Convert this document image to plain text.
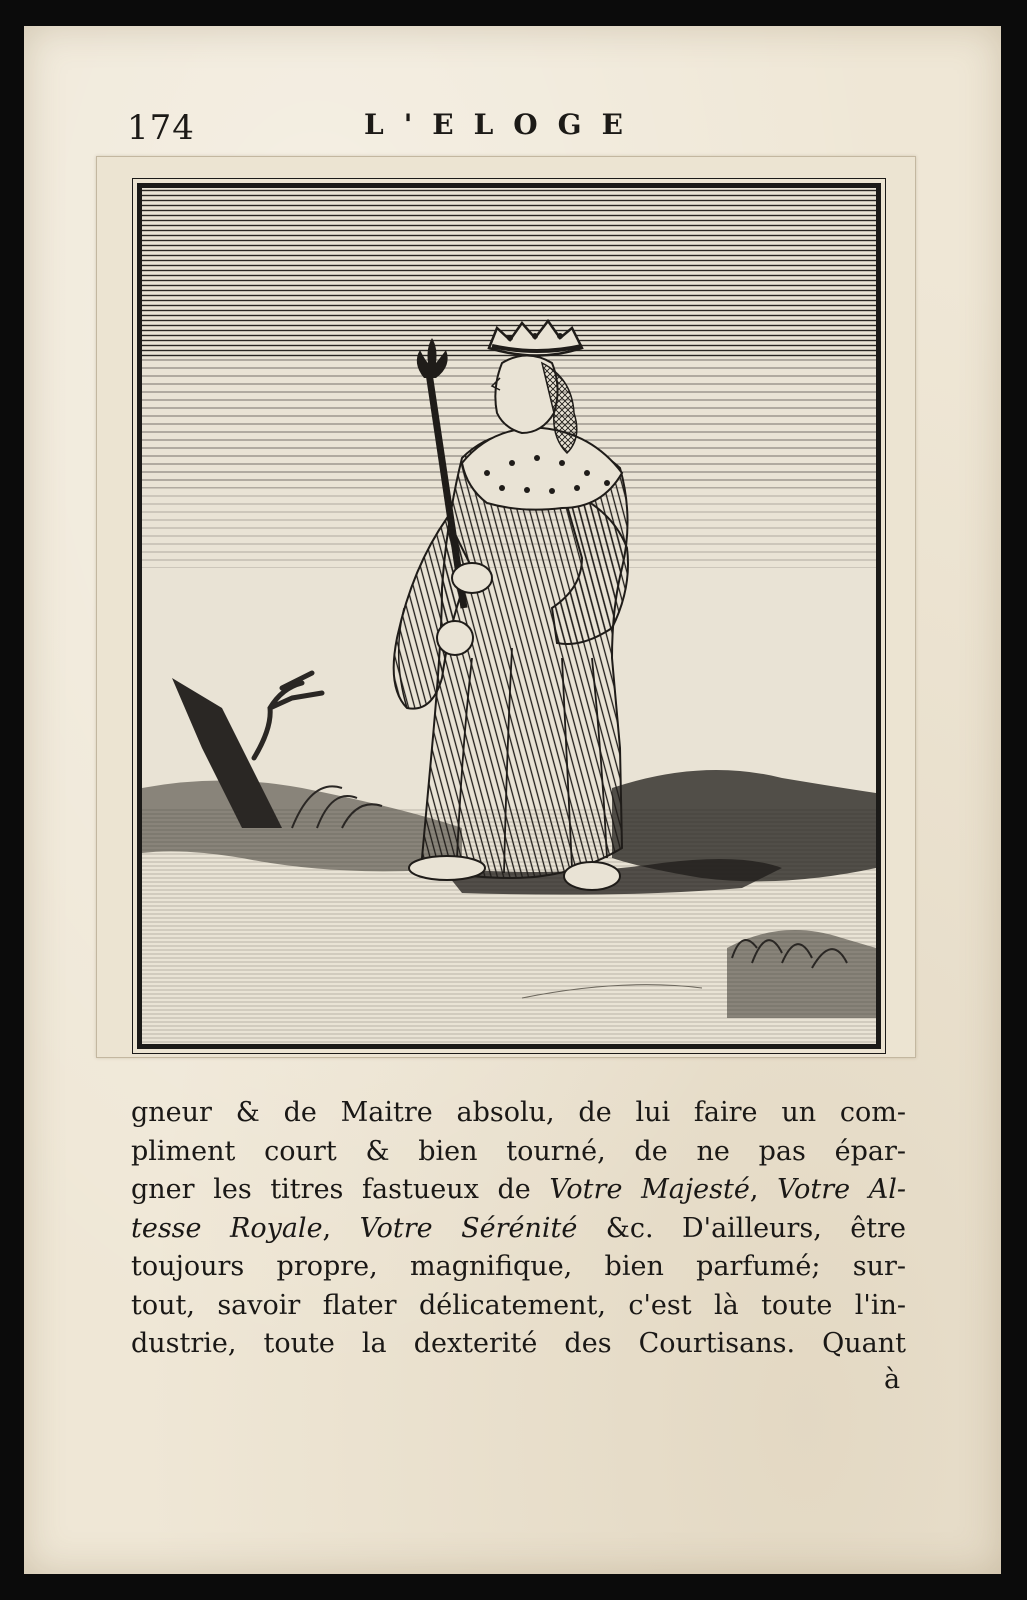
174	L'ELOGE
gneur & de Maitre absolu, de lui faire un com-
pliment court & bien tourné, de ne pas épar-
gner les titres fastueux de Votre Majesté, Votre Al-
tesse Royale, Votre Sérénité &c. D'ailleurs, être
toujours propre, magnifique, bien parfumé; sur-
tout, savoir flater délicatement, c'est là toute l'in-
dustrie, toute la dexterité des Courtisans. Quant
à
